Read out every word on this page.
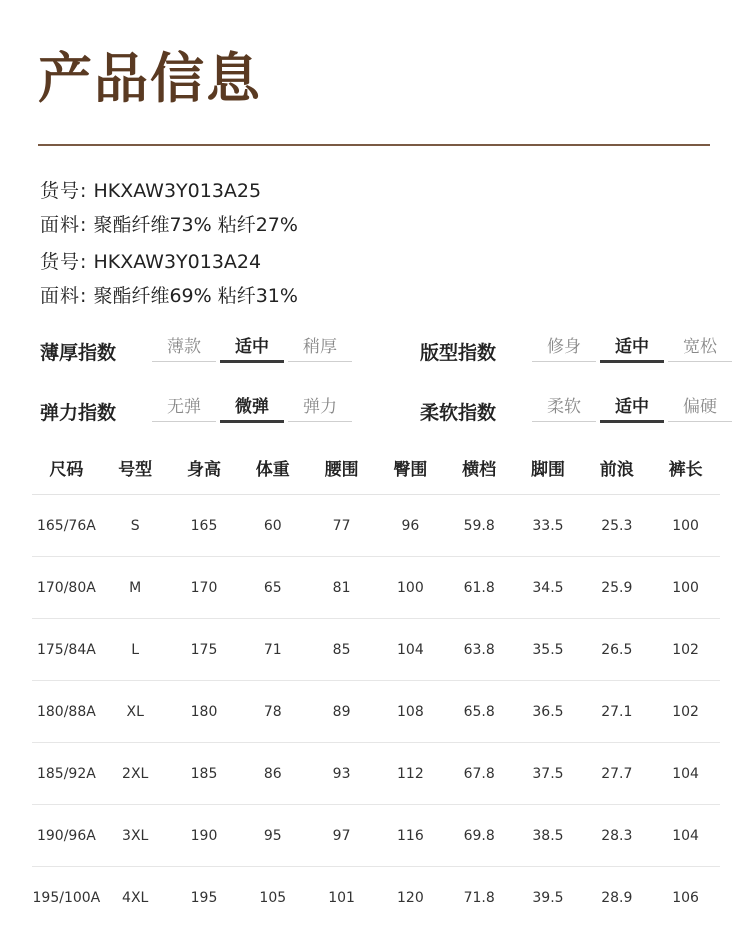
产品信息
货号: HKXAW3Y013A25
面料: 聚酯纤维73% 粘纤27%
货号: HKXAW3Y013A24
面料: 聚酯纤维69% 粘纤31%
薄厚指数	薄款	适中	稍厚	版型指数	修身	适中	宽松
弹力指数	无弹	微弹	弹力	柔软指数	柔软	适中	偏硬
尺码	号型	身高	体重	腰围	臀围	横档	脚围	前浪	裤长
165/76A	S	165	60	77	96	59.8	33.5	25.3	100
170/80A	M	170	65	81	100	61.8	34.5	25.9	100
175/84A	L	175	71	85	104	63.8	35.5	26.5	102
180/88A	XL	180	78	89	108	65.8	36.5	27.1	102
185/92A	2XL	185	86	93	112	67.8	37.5	27.7	104
190/96A	3XL	190	95	97	116	69.8	38.5	28.3	104
195/100A	4XL	195	105	101	120	71.8	39.5	28.9	106
